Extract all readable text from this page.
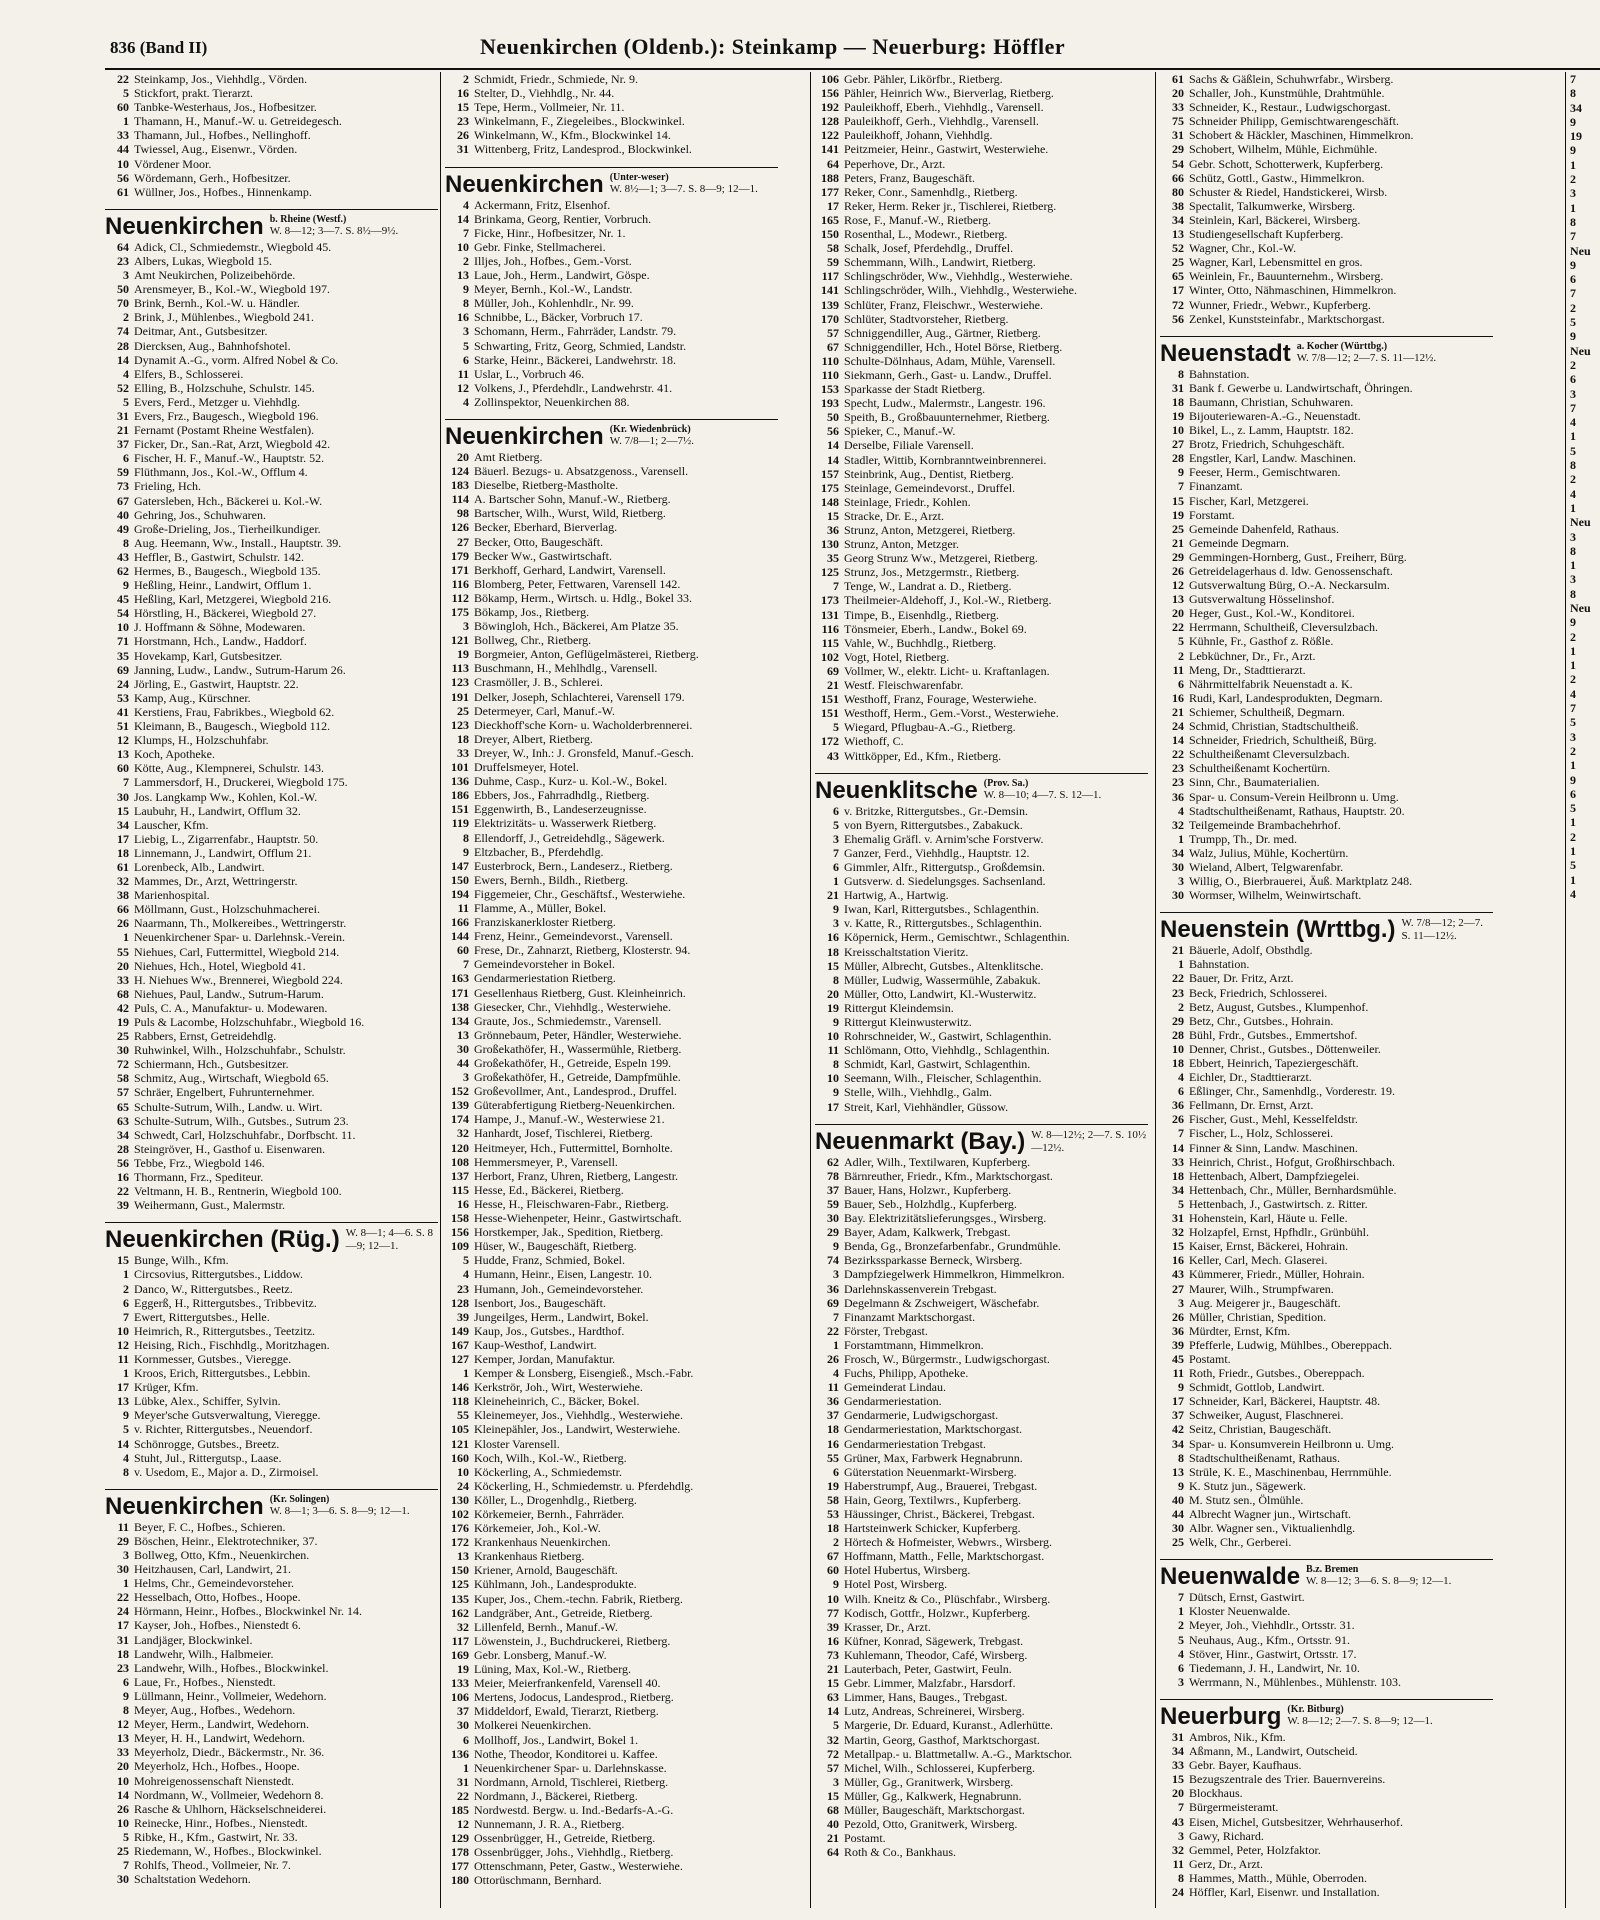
836 (Band II)	Neuenkirchen (Oldenb.): Steinkamp — Neuerburg: Höffler
22 Steinkamp, Jos., Viehhdlg., Vörden.
5 Stickfort, prakt. Tierarzt.
60 Tanbke-Westerhaus, Jos., Hofbesitzer.
1 Thamann, H., Manuf.-W. u. Getreidegesch.
33 Thamann, Jul., Hofbes., Nellinghoff.
44 Twiessel, Aug., Eisenwr., Vörden.
10 Vördener Moor.
56 Wördemann, Gerh., Hofbesitzer.
61 Wüllner, Jos., Hofbes., Hinnenkamp.
Neuenkirchen b. Rheine (Westf.)
W. 8—12; 3—7. S. 8½—9½.
64 Adick, Cl., Schmiedemstr., Wiegbold 45.
23 Albers, Lukas, Wiegbold 15.
3 Amt Neukirchen, Polizeibehörde.
50 Arensmeyer, B., Kol.-W., Wiegbold 197.
70 Brink, Bernh., Kol.-W. u. Händler.
2 Brink, J., Mühlenbes., Wiegbold 241.
74 Deitmar, Ant., Gutsbesitzer.
28 Diercksen, Aug., Bahnhofshotel.
14 Dynamit A.-G., vorm. Alfred Nobel & Co.
4 Elfers, B., Schlosserei.
52 Elling, B., Holzschuhe, Schulstr. 145.
5 Evers, Ferd., Metzger u. Viehhdlg.
31 Evers, Frz., Baugesch., Wiegbold 196.
21 Fernamt (Postamt Rheine Westfalen).
37 Ficker, Dr., San.-Rat, Arzt, Wiegbold 42.
6 Fischer, H. F., Manuf.-W., Hauptstr. 52.
59 Flüthmann, Jos., Kol.-W., Offlum 4.
73 Frieling, Hch.
67 Gatersleben, Hch., Bäckerei u. Kol.-W.
40 Gehring, Jos., Schuhwaren.
49 Große-Drieling, Jos., Tierheilkundiger.
8 Aug. Heemann, Ww., Install., Hauptstr. 39.
43 Heffler, B., Gastwirt, Schulstr. 142.
62 Hermes, B., Baugesch., Wiegbold 135.
9 Heßling, Heinr., Landwirt, Offlum 1.
45 Heßling, Karl, Metzgerei, Wiegbold 216.
54 Hörstling, H., Bäckerei, Wiegbold 27.
10 J. Hoffmann & Söhne, Modewaren.
71 Horstmann, Hch., Landw., Haddorf.
35 Hovekamp, Karl, Gutsbesitzer.
69 Janning, Ludw., Landw., Sutrum-Harum 26.
24 Jörling, E., Gastwirt, Hauptstr. 22.
53 Kamp, Aug., Kürschner.
41 Kerstiens, Frau, Fabrikbes., Wiegbold 62.
51 Kleimann, B., Baugesch., Wiegbold 112.
12 Klumps, H., Holzschuhfabr.
13 Koch, Apotheke.
60 Kötte, Aug., Klempnerei, Schulstr. 143.
7 Lammersdorf, H., Druckerei, Wiegbold 175.
30 Jos. Langkamp Ww., Kohlen, Kol.-W.
15 Laubuhr, H., Landwirt, Offlum 32.
34 Lauscher, Kfm.
17 Liebig, L., Zigarrenfabr., Hauptstr. 50.
18 Linnemann, J., Landwirt, Offlum 21.
61 Lorenbeck, Alb., Landwirt.
32 Mammes, Dr., Arzt, Wettringerstr.
38 Marienhospital.
66 Möllmann, Gust., Holzschuhmacherei.
26 Naarmann, Th., Molkereibes., Wettringerstr.
1 Neuenkirchener Spar- u. Darlehnsk.-Verein.
55 Niehues, Carl, Futtermittel, Wiegbold 214.
20 Niehues, Hch., Hotel, Wiegbold 41.
33 H. Niehues Ww., Brennerei, Wiegbold 224.
68 Niehues, Paul, Landw., Sutrum-Harum.
42 Puls, C. A., Manufaktur- u. Modewaren.
19 Puls & Lacombe, Holzschuhfabr., Wiegbold 16.
25 Rabbers, Ernst, Getreidehdlg.
30 Ruhwinkel, Wilh., Holzschuhfabr., Schulstr.
72 Schiermann, Hch., Gutsbesitzer.
58 Schmitz, Aug., Wirtschaft, Wiegbold 65.
57 Schräer, Engelbert, Fuhrunternehmer.
65 Schulte-Sutrum, Wilh., Landw. u. Wirt.
63 Schulte-Sutrum, Wilh., Gutsbes., Sutrum 23.
34 Schwedt, Carl, Holzschuhfabr., Dorfbscht. 11.
28 Steingröver, H., Gasthof u. Eisenwaren.
56 Tebbe, Frz., Wiegbold 146.
16 Thormann, Frz., Spediteur.
22 Veltmann, H. B., Rentnerin, Wiegbold 100.
39 Weihermann, Gust., Malermstr.
Neuenkirchen (Rüg.) W. 8—1; 4—6. S. 8—9; 12—1.
15 Bunge, Wilh., Kfm.
1 Circsovius, Rittergutsbes., Liddow.
2 Danco, W., Rittergutsbes., Reetz.
6 Eggerß, H., Rittergutsbes., Tribbevitz.
7 Ewert, Rittergutsbes., Helle.
10 Heimrich, R., Rittergutsbes., Teetzitz.
12 Heising, Rich., Fischhdlg., Moritzhagen.
11 Kornmesser, Gutsbes., Vieregge.
1 Kroos, Erich, Rittergutsbes., Lebbin.
17 Krüger, Kfm.
13 Lübke, Alex., Schiffer, Sylvin.
9 Meyer'sche Gutsverwaltung, Vieregge.
5 v. Richter, Rittergutsbes., Neuendorf.
14 Schönrogge, Gutsbes., Breetz.
4 Stuht, Jul., Rittergutsp., Laase.
8 v. Usedom, E., Major a. D., Zirmoisel.
Neuenkirchen (Kr. Solingen)
W. 8—1; 3—6. S. 8—9; 12—1.
11 Beyer, F. C., Hofbes., Schieren.
29 Böschen, Heinr., Elektrotechniker, 37.
3 Bollweg, Otto, Kfm., Neuenkirchen.
30 Heitzhausen, Carl, Landwirt, 21.
1 Helms, Chr., Gemeindevorsteher.
22 Hesselbach, Otto, Hofbes., Hoope.
24 Hörmann, Heinr., Hofbes., Blockwinkel Nr. 14.
17 Kayser, Joh., Hofbes., Nienstedt 6.
31 Landjäger, Blockwinkel.
18 Landwehr, Wilh., Halbmeier.
23 Landwehr, Wilh., Hofbes., Blockwinkel.
6 Laue, Fr., Hofbes., Nienstedt.
9 Lüllmann, Heinr., Vollmeier, Wedehorn.
8 Meyer, Aug., Hofbes., Wedehorn.
12 Meyer, Herm., Landwirt, Wedehorn.
13 Meyer, H. H., Landwirt, Wedehorn.
33 Meyerholz, Diedr., Bäckermstr., Nr. 36.
20 Meyerholz, Hch., Hofbes., Hoope.
10 Mohreigenossenschaft Nienstedt.
14 Nordmann, W., Vollmeier, Wedehorn 8.
26 Rasche & Uhlhorn, Häckselschneiderei.
10 Reinecke, Hinr., Hofbes., Nienstedt.
5 Ribke, H., Kfm., Gastwirt, Nr. 33.
25 Riedemann, W., Hofbes., Blockwinkel.
7 Rohlfs, Theod., Vollmeier, Nr. 7.
30 Schaltstation Wedehorn.
2 Schmidt, Friedr., Schmiede, Nr. 9.
16 Stelter, D., Viehhdlg., Nr. 44.
15 Tepe, Herm., Vollmeier, Nr. 11.
23 Winkelmann, F., Ziegeleibes., Blockwinkel.
26 Winkelmann, W., Kfm., Blockwinkel 14.
31 Wittenberg, Fritz, Landesprod., Blockwinkel.
Neuenkirchen (Unter-weser)
W. 8½—1; 3—7. S. 8—9; 12—1.
4 Ackermann, Fritz, Elsenhof.
14 Brinkama, Georg, Rentier, Vorbruch.
7 Ficke, Hinr., Hofbesitzer, Nr. 1.
10 Gebr. Finke, Stellmacherei.
2 Illjes, Joh., Hofbes., Gem.-Vorst.
13 Laue, Joh., Herm., Landwirt, Göspe.
9 Meyer, Bernh., Kol.-W., Landstr.
8 Müller, Joh., Kohlenhdlr., Nr. 99.
16 Schnibbe, L., Bäcker, Vorbruch 17.
3 Schomann, Herm., Fahrräder, Landstr. 79.
5 Schwarting, Fritz, Georg, Schmied, Landstr.
6 Starke, Heinr., Bäckerei, Landwehrstr. 18.
11 Uslar, L., Vorbruch 46.
12 Volkens, J., Pferdehdlr., Landwehrstr. 41.
4 Zollinspektor, Neuenkirchen 88.
Neuenkirchen (Kr. Wiedenbrück)
W. 7/8—1; 2—7½.
20 Amt Rietberg.
124 Bäuerl. Bezugs- u. Absatzgenoss., Varensell.
183 Dieselbe, Rietberg-Mastholte.
114 A. Bartscher Sohn, Manuf.-W., Rietberg.
98 Bartscher, Wilh., Wurst, Wild, Rietberg.
126 Becker, Eberhard, Bierverlag.
27 Becker, Otto, Baugeschäft.
179 Becker Ww., Gastwirtschaft.
171 Berkhoff, Gerhard, Landwirt, Varensell.
116 Blomberg, Peter, Fettwaren, Varensell 142.
112 Bökamp, Herm., Wirtsch. u. Hdlg., Bokel 33.
175 Bökamp, Jos., Rietberg.
3 Böwingloh, Hch., Bäckerei, Am Platze 35.
121 Bollweg, Chr., Rietberg.
19 Borgmeier, Anton, Geflügelmästerei, Rietberg.
113 Buschmann, H., Mehlhdlg., Varensell.
123 Crasmöller, J. B., Schlerei.
191 Delker, Joseph, Schlachterei, Varensell 179.
25 Determeyer, Carl, Manuf.-W.
123 Dieckhoff'sche Korn- u. Wacholderbrennerei.
18 Dreyer, Albert, Rietberg.
33 Dreyer, W., Inh.: J. Gronsfeld, Manuf.-Gesch.
101 Druffelsmeyer, Hotel.
136 Duhme, Casp., Kurz- u. Kol.-W., Bokel.
186 Ebbers, Jos., Fahrradhdlg., Rietberg.
151 Eggenwirth, B., Landeserzeugnisse.
119 Elektrizitäts- u. Wasserwerk Rietberg.
8 Ellendorff, J., Getreidehdlg., Sägewerk.
9 Eltzbacher, B., Pferdehdlg.
147 Eusterbrock, Bern., Landeserz., Rietberg.
150 Ewers, Bernh., Bildh., Rietberg.
194 Figgemeier, Chr., Geschäftsf., Westerwiehe.
11 Flamme, A., Müller, Bokel.
166 Franziskanerkloster Rietberg.
144 Frenz, Heinr., Gemeindevorst., Varensell.
60 Frese, Dr., Zahnarzt, Rietberg, Klosterstr. 94.
7 Gemeindevorsteher in Bokel.
163 Gendarmeriestation Rietberg.
171 Gesellenhaus Rietberg, Gust. Kleinheinrich.
138 Giesecker, Chr., Viehhdlg., Westerwiehe.
134 Graute, Jos., Schmiedemstr., Varensell.
13 Grönnebaum, Peter, Händler, Westerwiehe.
30 Großekathöfer, H., Wassermühle, Rietberg.
44 Großekathöfer, H., Getreide, Espeln 199.
3 Großekathöfer, H., Getreide, Dampfmühle.
152 Großevollmer, Ant., Landesprod., Druffel.
139 Güterabfertigung Rietberg-Neuenkirchen.
174 Hampe, J., Manuf.-W., Westerwiese 21.
32 Hanhardt, Josef, Tischlerei, Rietberg.
120 Heitmeyer, Hch., Futtermittel, Bornholte.
108 Hemmersmeyer, P., Varensell.
137 Herbort, Franz, Uhren, Rietberg, Langestr.
115 Hesse, Ed., Bäckerei, Rietberg.
16 Hesse, H., Fleischwaren-Fabr., Rietberg.
158 Hesse-Wiehenpeter, Heinr., Gastwirtschaft.
156 Horstkemper, Jak., Spedition, Rietberg.
109 Hüser, W., Baugeschäft, Rietberg.
5 Hudde, Franz, Schmied, Bokel.
4 Humann, Heinr., Eisen, Langestr. 10.
23 Humann, Joh., Gemeindevorsteher.
128 Isenbort, Jos., Baugeschäft.
39 Jungeilges, Herm., Landwirt, Bokel.
149 Kaup, Jos., Gutsbes., Hardthof.
167 Kaup-Westhof, Landwirt.
127 Kemper, Jordan, Manufaktur.
1 Kemper & Lonsberg, Eisengieß., Msch.-Fabr.
146 Kerkströr, Joh., Wirt, Westerwiehe.
118 Kleineheinrich, C., Bäcker, Bokel.
55 Kleinemeyer, Jos., Viehhdlg., Westerwiehe.
105 Kleinepähler, Jos., Landwirt, Westerwiehe.
121 Kloster Varensell.
160 Koch, Wilh., Kol.-W., Rietberg.
10 Köckerling, A., Schmiedemstr.
24 Köckerling, H., Schmiedemstr. u. Pferdehdlg.
130 Köller, L., Drogenhdlg., Rietberg.
102 Körkemeier, Bernh., Fahrräder.
176 Körkemeier, Joh., Kol.-W.
172 Krankenhaus Neuenkirchen.
13 Krankenhaus Rietberg.
150 Kriener, Arnold, Baugeschäft.
125 Kühlmann, Joh., Landesprodukte.
135 Kuper, Jos., Chem.-techn. Fabrik, Rietberg.
162 Landgräber, Ant., Getreide, Rietberg.
32 Lillenfeld, Bernh., Manuf.-W.
117 Löwenstein, J., Buchdruckerei, Rietberg.
169 Gebr. Lonsberg, Manuf.-W.
19 Lüning, Max, Kol.-W., Rietberg.
133 Meier, Meierfrankenfeld, Varensell 40.
106 Mertens, Jodocus, Landesprod., Rietberg.
37 Middeldorf, Ewald, Tierarzt, Rietberg.
30 Molkerei Neuenkirchen.
6 Mollhoff, Jos., Landwirt, Bokel 1.
136 Nothe, Theodor, Konditorei u. Kaffee.
1 Neuenkirchener Spar- u. Darlehnskasse.
31 Nordmann, Arnold, Tischlerei, Rietberg.
22 Nordmann, J., Bäckerei, Rietberg.
185 Nordwestd. Bergw. u. Ind.-Bedarfs-A.-G.
12 Nunnemann, J. R. A., Rietberg.
129 Ossenbrügger, H., Getreide, Rietberg.
178 Ossenbrügger, Johs., Viehhdlg., Rietberg.
177 Ottenschmann, Peter, Gastw., Westerwiehe.
180 Ottorüschmann, Bernhard.
106 Gebr. Pähler, Likörfbr., Rietberg.
156 Pähler, Heinrich Ww., Bierverlag, Rietberg.
192 Pauleikhoff, Eberh., Viehhdlg., Varensell.
128 Pauleikhoff, Gerh., Viehhdlg., Varensell.
122 Pauleikhoff, Johann, Viehhdlg.
141 Peitzmeier, Heinr., Gastwirt, Westerwiehe.
64 Peperhove, Dr., Arzt.
188 Peters, Franz, Baugeschäft.
177 Reker, Conr., Samenhdlg., Rietberg.
17 Reker, Herm. Reker jr., Tischlerei, Rietberg.
165 Rose, F., Manuf.-W., Rietberg.
150 Rosenthal, L., Modewr., Rietberg.
58 Schalk, Josef, Pferdehdlg., Druffel.
59 Schemmann, Wilh., Landwirt, Rietberg.
117 Schlingschröder, Ww., Viehhdlg., Westerwiehe.
141 Schlingschröder, Wilh., Viehhdlg., Westerwiehe.
139 Schlüter, Franz, Fleischwr., Westerwiehe.
170 Schlüter, Stadtvorsteher, Rietberg.
57 Schniggendiller, Aug., Gärtner, Rietberg.
67 Schniggendiller, Hch., Hotel Börse, Rietberg.
110 Schulte-Dölnhaus, Adam, Mühle, Varensell.
110 Siekmann, Gerh., Gast- u. Landw., Druffel.
153 Sparkasse der Stadt Rietberg.
193 Specht, Ludw., Malermstr., Langestr. 196.
50 Speith, B., Großbauunternehmer, Rietberg.
56 Spieker, C., Manuf.-W.
14 Derselbe, Filiale Varensell.
14 Stadler, Wittib, Kornbranntweinbrennerei.
157 Steinbrink, Aug., Dentist, Rietberg.
175 Steinlage, Gemeindevorst., Druffel.
148 Steinlage, Friedr., Kohlen.
15 Stracke, Dr. E., Arzt.
36 Strunz, Anton, Metzgerei, Rietberg.
130 Strunz, Anton, Metzger.
35 Georg Strunz Ww., Metzgerei, Rietberg.
125 Strunz, Jos., Metzgermstr., Rietberg.
7 Tenge, W., Landrat a. D., Rietberg.
173 Theilmeier-Aldehoff, J., Kol.-W., Rietberg.
131 Timpe, B., Eisenhdlg., Rietberg.
116 Tönsmeier, Eberh., Landw., Bokel 69.
115 Vahle, W., Buchhdlg., Rietberg.
102 Vogt, Hotel, Rietberg.
69 Vollmer, W., elektr. Licht- u. Kraftanlagen.
21 Westf. Fleischwarenfabr.
151 Westhoff, Franz, Fourage, Westerwiehe.
151 Westhoff, Herm., Gem.-Vorst., Westerwiehe.
5 Wiegard, Pflugbau-A.-G., Rietberg.
172 Wiethoff, C.
43 Wittköpper, Ed., Kfm., Rietberg.
Neuenklitsche (Prov. Sa.)
W. 8—10; 4—7. S. 12—1.
6 v. Britzke, Rittergutsbes., Gr.-Demsin.
5 von Byern, Rittergutsbes., Zabakuck.
3 Ehemalig Gräfl. v. Arnim'sche Forstverw.
7 Ganzer, Ferd., Viehhdlg., Hauptstr. 12.
6 Gimmler, Alfr., Rittergutsp., Großdemsin.
1 Gutsverw. d. Siedelungsges. Sachsenland.
21 Hartwig, A., Hartwig.
9 Iwan, Karl, Rittergutsbes., Schlagenthin.
3 v. Katte, R., Rittergutsbes., Schlagenthin.
16 Köpernick, Herm., Gemischtwr., Schlagenthin.
18 Kreisschaltstation Vieritz.
15 Müller, Albrecht, Gutsbes., Altenklitsche.
8 Müller, Ludwig, Wassermühle, Zabakuk.
20 Müller, Otto, Landwirt, Kl.-Wusterwitz.
19 Rittergut Kleindemsin.
9 Rittergut Kleinwusterwitz.
10 Rohrschneider, W., Gastwirt, Schlagenthin.
11 Schlömann, Otto, Viehhdlg., Schlagenthin.
8 Schmidt, Karl, Gastwirt, Schlagenthin.
10 Seemann, Wilh., Fleischer, Schlagenthin.
9 Stelle, Wilh., Viehhdlg., Galm.
17 Streit, Karl, Viehhändler, Güssow.
Neuenmarkt (Bay.) W. 8—12½; 2—7. S. 10½—12½.
62 Adler, Wilh., Textilwaren, Kupferberg.
78 Bärnreuther, Friedr., Kfm., Marktschorgast.
37 Bauer, Hans, Holzwr., Kupferberg.
59 Bauer, Seb., Holzhdlg., Kupferberg.
30 Bay. Elektrizitätslieferungsges., Wirsberg.
29 Bayer, Adam, Kalkwerk, Trebgast.
9 Benda, Gg., Bronzefarbenfabr., Grundmühle.
74 Bezirkssparkasse Berneck, Wirsberg.
3 Dampfziegelwerk Himmelkron, Himmelkron.
36 Darlehnskassenverein Trebgast.
69 Degelmann & Zschweigert, Wäschefabr.
7 Finanzamt Marktschorgast.
22 Förster, Trebgast.
1 Forstamtmann, Himmelkron.
26 Frosch, W., Bürgermstr., Ludwigschorgast.
4 Fuchs, Philipp, Apotheke.
11 Gemeinderat Lindau.
36 Gendarmeriestation.
37 Gendarmerie, Ludwigschorgast.
18 Gendarmeriestation, Marktschorgast.
16 Gendarmeriestation Trebgast.
55 Grüner, Max, Farbwerk Hegnabrunn.
6 Güterstation Neuenmarkt-Wirsberg.
19 Haberstrumpf, Aug., Brauerei, Trebgast.
58 Hain, Georg, Textilwrs., Kupferberg.
53 Häussinger, Christ., Bäckerei, Trebgast.
18 Hartsteinwerk Schicker, Kupferberg.
2 Hörtech & Hofmeister, Webwrs., Wirsberg.
67 Hoffmann, Matth., Felle, Marktschorgast.
60 Hotel Hubertus, Wirsberg.
9 Hotel Post, Wirsberg.
10 Wilh. Kneitz & Co., Plüschfabr., Wirsberg.
77 Kodisch, Gottfr., Holzwr., Kupferberg.
39 Krasser, Dr., Arzt.
16 Küfner, Konrad, Sägewerk, Trebgast.
73 Kuhlemann, Theodor, Café, Wirsberg.
21 Lauterbach, Peter, Gastwirt, Feuln.
15 Gebr. Limmer, Malzfabr., Harsdorf.
63 Limmer, Hans, Bauges., Trebgast.
14 Lutz, Andreas, Schreinerei, Wirsberg.
5 Margerie, Dr. Eduard, Kuranst., Adlerhütte.
32 Martin, Georg, Gasthof, Marktschorgast.
72 Metallpap.- u. Blattmetallw. A.-G., Marktschor.
57 Michel, Wilh., Schlosserei, Kupferberg.
3 Müller, Gg., Granitwerk, Wirsberg.
15 Müller, Gg., Kalkwerk, Hegnabrunn.
68 Müller, Baugeschäft, Marktschorgast.
40 Pezold, Otto, Granitwerk, Wirsberg.
21 Postamt.
64 Roth & Co., Bankhaus.
61 Sachs & Gäßlein, Schuhwrfabr., Wirsberg.
20 Schaller, Joh., Kunstmühle, Drahtmühle.
33 Schneider, K., Restaur., Ludwigschorgast.
75 Schneider Philipp, Gemischtwarengeschäft.
31 Schobert & Häckler, Maschinen, Himmelkron.
29 Schobert, Wilhelm, Mühle, Eichmühle.
54 Gebr. Schott, Schotterwerk, Kupferberg.
66 Schütz, Gottl., Gastw., Himmelkron.
80 Schuster & Riedel, Handstickerei, Wirsb.
38 Spectalit, Talkumwerke, Wirsberg.
34 Steinlein, Karl, Bäckerei, Wirsberg.
13 Studiengesellschaft Kupferberg.
52 Wagner, Chr., Kol.-W.
25 Wagner, Karl, Lebensmittel en gros.
65 Weinlein, Fr., Bauunternehm., Wirsberg.
17 Winter, Otto, Nähmaschinen, Himmelkron.
72 Wunner, Friedr., Webwr., Kupferberg.
56 Zenkel, Kunststeinfabr., Marktschorgast.
Neuenstadt a. Kocher (Württbg.)
W. 7/8—12; 2—7. S. 11—12½.
8 Bahnstation.
31 Bank f. Gewerbe u. Landwirtschaft, Öhringen.
18 Baumann, Christian, Schuhwaren.
19 Bijouteriewaren-A.-G., Neuenstadt.
10 Bikel, L., z. Lamm, Hauptstr. 182.
27 Brotz, Friedrich, Schuhgeschäft.
28 Engstler, Karl, Landw. Maschinen.
9 Feeser, Herm., Gemischtwaren.
7 Finanzamt.
15 Fischer, Karl, Metzgerei.
19 Forstamt.
25 Gemeinde Dahenfeld, Rathaus.
21 Gemeinde Degmarn.
29 Gemmingen-Hornberg, Gust., Freiherr, Bürg.
26 Getreidelagerhaus d. ldw. Genossenschaft.
12 Gutsverwaltung Bürg, O.-A. Neckarsulm.
13 Gutsverwaltung Hösselinshof.
20 Heger, Gust., Kol.-W., Konditorei.
22 Herrmann, Schultheiß, Cleversulzbach.
5 Kühnle, Fr., Gasthof z. Rößle.
2 Lebküchner, Dr., Fr., Arzt.
11 Meng, Dr., Stadttierarzt.
6 Nährmittelfabrik Neuenstadt a. K.
16 Rudi, Karl, Landesprodukten, Degmarn.
21 Schiemer, Schultheiß, Degmarn.
24 Schmid, Christian, Stadtschultheiß.
14 Schneider, Friedrich, Schultheiß, Bürg.
22 Schultheißenamt Cleversulzbach.
23 Schultheißenamt Kochertürn.
23 Sinn, Chr., Baumaterialien.
36 Spar- u. Consum-Verein Heilbronn u. Umg.
4 Stadtschultheißenamt, Rathaus, Hauptstr. 20.
32 Teilgemeinde Brambachehrhof.
1 Trumpp, Th., Dr. med.
34 Walz, Julius, Mühle, Kochertürn.
30 Wieland, Albert, Telgwarenfabr.
3 Willig, O., Bierbrauerei, Äuß. Marktplatz 248.
30 Wormser, Wilhelm, Weinwirtschaft.
Neuenstein (Wrttbg.) W. 7/8—12; 2—7. S. 11—12½.
21 Bäuerle, Adolf, Obsthdlg.
1 Bahnstation.
22 Bauer, Dr. Fritz, Arzt.
23 Beck, Friedrich, Schlosserei.
2 Betz, August, Gutsbes., Klumpenhof.
29 Betz, Chr., Gutsbes., Hohrain.
28 Bühl, Frdr., Gutsbes., Emmertshof.
10 Denner, Christ., Gutsbes., Döttenweiler.
18 Ebbert, Heinrich, Tapeziergeschäft.
4 Eichler, Dr., Stadttierarzt.
6 Eßlinger, Chr., Samenhdlg., Vorderestr. 19.
36 Fellmann, Dr. Ernst, Arzt.
26 Fischer, Gust., Mehl, Kesselfeldstr.
7 Fischer, L., Holz, Schlosserei.
14 Finner & Sinn, Landw. Maschinen.
33 Heinrich, Christ., Hofgut, Großhirschbach.
18 Hettenbach, Albert, Dampfziegelei.
34 Hettenbach, Chr., Müller, Bernhardsmühle.
5 Hettenbach, J., Gastwirtsch. z. Ritter.
31 Hohenstein, Karl, Häute u. Felle.
32 Holzapfel, Ernst, Hpfhdlr., Grünbühl.
15 Kaiser, Ernst, Bäckerei, Hohrain.
16 Keller, Carl, Mech. Glaserei.
43 Kümmerer, Friedr., Müller, Hohrain.
27 Maurer, Wilh., Strumpfwaren.
3 Aug. Meigerer jr., Baugeschäft.
26 Müller, Christian, Spedition.
36 Mürdter, Ernst, Kfm.
39 Pfefferle, Ludwig, Mühlbes., Obereppach.
45 Postamt.
11 Roth, Friedr., Gutsbes., Obereppach.
9 Schmidt, Gottlob, Landwirt.
17 Schneider, Karl, Bäckerei, Hauptstr. 48.
37 Schweiker, August, Flaschnerei.
42 Seitz, Christian, Baugeschäft.
34 Spar- u. Konsumverein Heilbronn u. Umg.
8 Stadtschultheißenamt, Rathaus.
13 Strüle, K. E., Maschinenbau, Herrnmühle.
9 K. Stutz jun., Sägewerk.
40 M. Stutz sen., Ölmühle.
44 Albrecht Wagner jun., Wirtschaft.
30 Albr. Wagner sen., Viktualienhdlg.
25 Welk, Chr., Gerberei.
Neuenwalde B.z. Bremen
W. 8—12; 3—6. S. 8—9; 12—1.
7 Dütsch, Ernst, Gastwirt.
1 Kloster Neuenwalde.
2 Meyer, Joh., Viehhdlr., Ortsstr. 31.
5 Neuhaus, Aug., Kfm., Ortsstr. 91.
4 Stöver, Hinr., Gastwirt, Ortsstr. 17.
6 Tiedemann, J. H., Landwirt, Nr. 10.
3 Werrmann, N., Mühlenbes., Mühlenstr. 103.
Neuerburg (Kr. Bitburg)
W. 8—12; 2—7. S. 8—9; 12—1.
31 Ambros, Nik., Kfm.
34 Aßmann, M., Landwirt, Outscheid.
33 Gebr. Bayer, Kaufhaus.
15 Bezugszentrale des Trier. Bauernvereins.
20 Blockhaus.
7 Bürgermeisteramt.
43 Eisen, Michel, Gutsbesitzer, Wehrhauserhof.
3 Gawy, Richard.
32 Gemmel, Peter, Holzfaktor.
11 Gerz, Dr., Arzt.
8 Hammes, Matth., Mühle, Oberroden.
24 Höffler, Karl, Eisenwr. und Installation.
7
8
34
9
19
9
1
2
3
1
8
7
Neu
9
6
7
2
5
9
Neu
2
6
3
7
4
1
5
8
2
4
1
Neu
3
8
1
3
8
Neu
9
2
1
1
2
4
7
5
3
2
1
9
6
5
1
2
1
5
1
4
